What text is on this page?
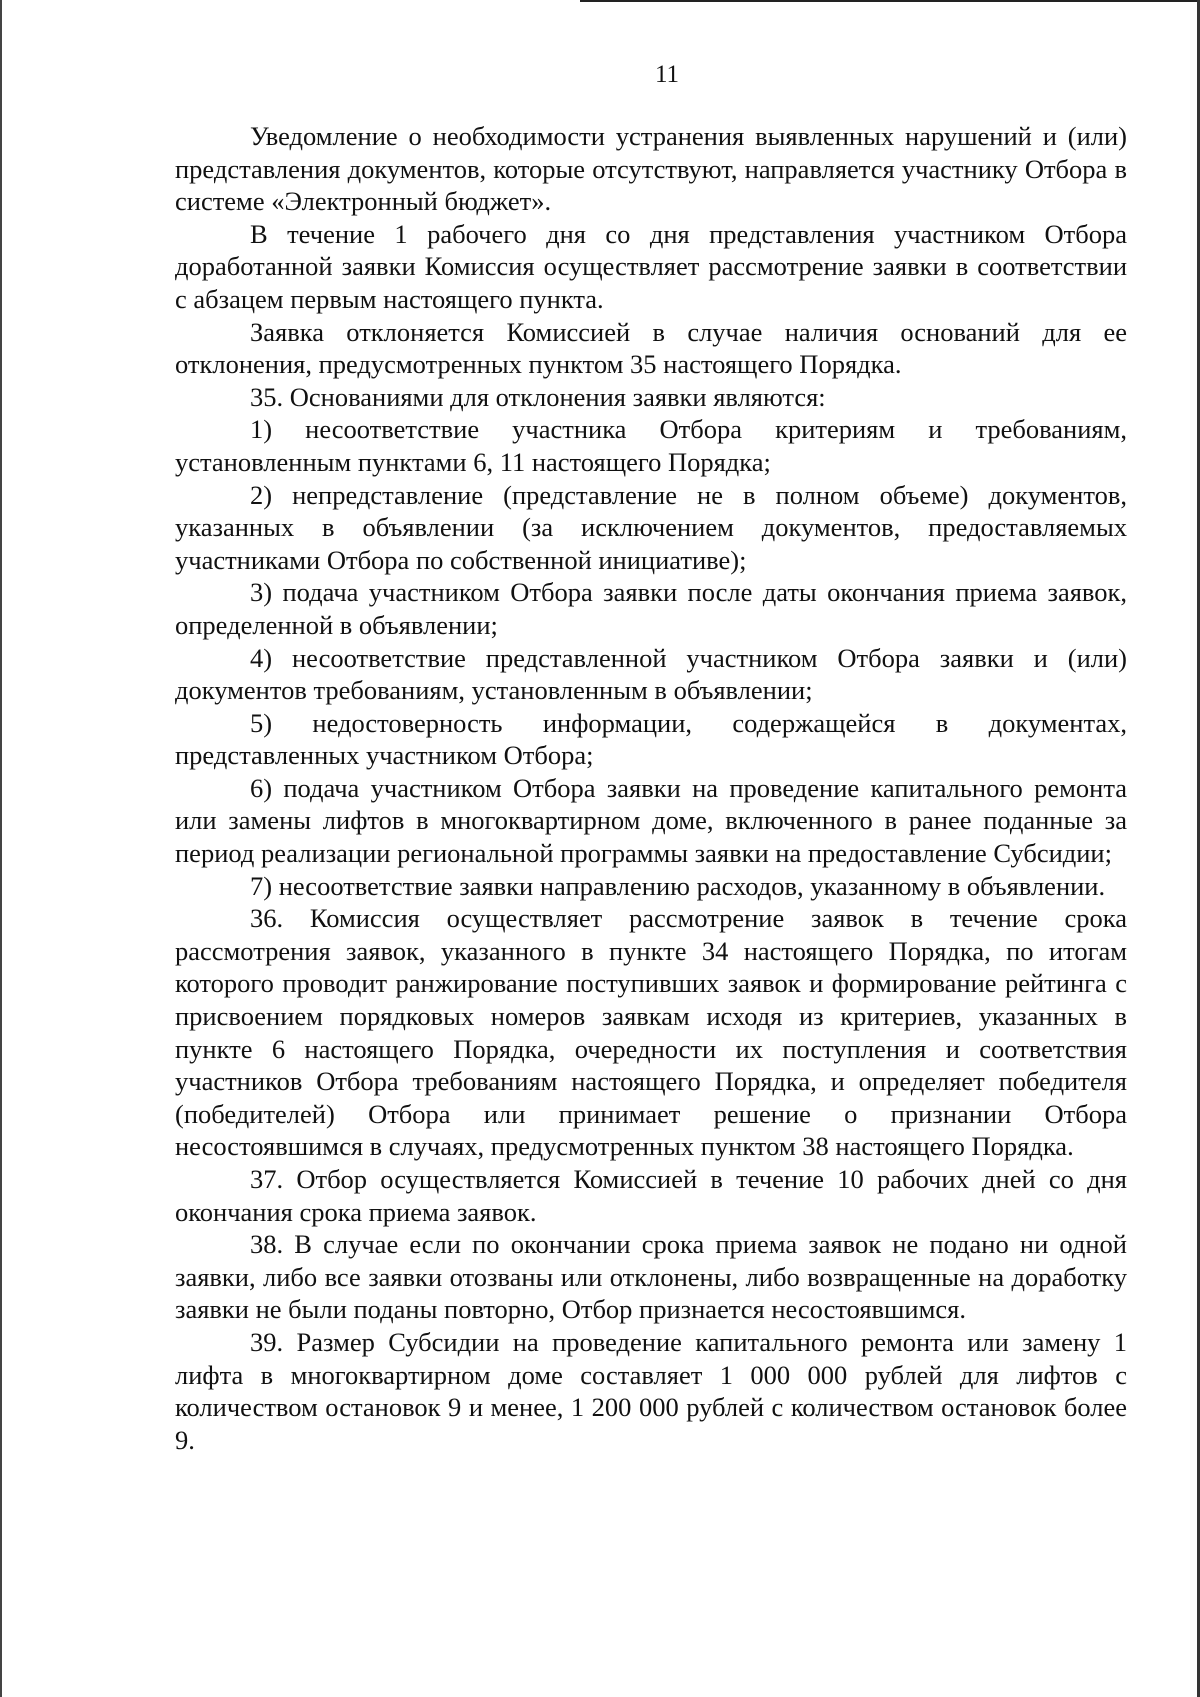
11

Уведомление о необходимости устранения выявленных нарушений и (или) представления документов, которые отсутствуют, направляется участнику Отбора в системе «Электронный бюджет».

В течение 1 рабочего дня со дня представления участником Отбора доработанной заявки Комиссия осуществляет рассмотрение заявки в соответствии с абзацем первым настоящего пункта.

Заявка отклоняется Комиссией в случае наличия оснований для ее отклонения, предусмотренных пунктом 35 настоящего Порядка.

35. Основаниями для отклонения заявки являются:

1) несоответствие участника Отбора критериям и требованиям, установленным пунктами 6, 11 настоящего Порядка;

2) непредставление (представление не в полном объеме) документов, указанных в объявлении (за исключением документов, предоставляемых участниками Отбора по собственной инициативе);

3) подача участником Отбора заявки после даты окончания приема заявок, определенной в объявлении;

4) несоответствие представленной участником Отбора заявки и (или) документов требованиям, установленным в объявлении;

5) недостоверность информации, содержащейся в документах, представленных участником Отбора;

6) подача участником Отбора заявки на проведение капитального ремонта или замены лифтов в многоквартирном доме, включенного в ранее поданные за период реализации региональной программы заявки на предоставление Субсидии;

7) несоответствие заявки направлению расходов, указанному в объявлении.

36. Комиссия осуществляет рассмотрение заявок в течение срока рассмотрения заявок, указанного в пункте 34 настоящего Порядка, по итогам которого проводит ранжирование поступивших заявок и формирование рейтинга с присвоением порядковых номеров заявкам исходя из критериев, указанных в пункте 6 настоящего Порядка, очередности их поступления и соответствия участников Отбора требованиям настоящего Порядка, и определяет победителя (победителей) Отбора или принимает решение о признании Отбора несостоявшимся в случаях, предусмотренных пунктом 38 настоящего Порядка.

37. Отбор осуществляется Комиссией в течение 10 рабочих дней со дня окончания срока приема заявок.

38. В случае если по окончании срока приема заявок не подано ни одной заявки, либо все заявки отозваны или отклонены, либо возвращенные на доработку заявки не были поданы повторно, Отбор признается несостоявшимся.

39. Размер Субсидии на проведение капитального ремонта или замену 1 лифта в многоквартирном доме составляет 1 000 000 рублей для лифтов с количеством остановок 9 и менее, 1 200 000 рублей с количеством остановок более 9.
